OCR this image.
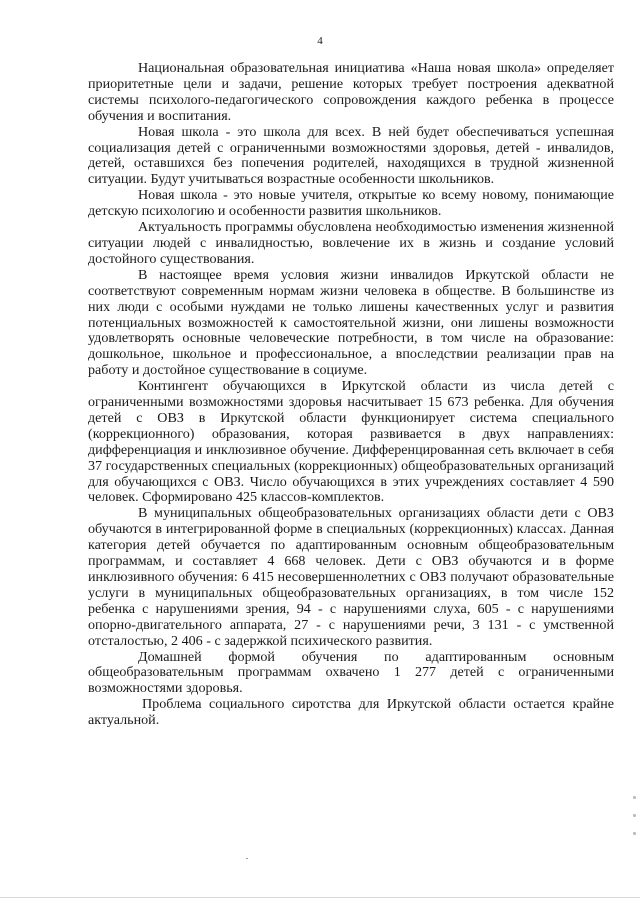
4

Национальная образовательная инициатива «Наша новая школа» определяет приоритетные цели и задачи, решение которых требует построения адекватной системы психолого-педагогического сопровождения каждого ребенка в процессе обучения и воспитания.

Новая школа - это школа для всех. В ней будет обеспечиваться успешная социализация детей с ограниченными возможностями здоровья, детей - инвалидов, детей, оставшихся без попечения родителей, находящихся в трудной жизненной ситуации. Будут учитываться возрастные особенности школьников.

Новая школа - это новые учителя, открытые ко всему новому, понимающие детскую психологию и особенности развития школьников.

Актуальность программы обусловлена необходимостью изменения жизненной ситуации людей с инвалидностью, вовлечение их в жизнь и создание условий достойного существования.

В настоящее время условия жизни инвалидов Иркутской области не соответствуют современным нормам жизни человека в обществе. В большинстве из них люди с особыми нуждами не только лишены качественных услуг и развития потенциальных возможностей к самостоятельной жизни, они лишены возможности удовлетворять основные человеческие потребности, в том числе на образование: дошкольное, школьное и профессиональное, а впоследствии реализации прав на работу и достойное существование в социуме.

Контингент обучающихся в Иркутской области из числа детей с ограниченными возможностями здоровья насчитывает 15 673 ребенка. Для обучения детей с ОВЗ в Иркутской области функционирует система специального (коррекционного) образования, которая развивается в двух направлениях: дифференциация и инклюзивное обучение. Дифференцированная сеть включает в себя 37 государственных специальных (коррекционных) общеобразовательных организаций для обучающихся с ОВЗ. Число обучающихся в этих учреждениях составляет 4 590 человек. Сформировано 425 классов-комплектов.

В муниципальных общеобразовательных организациях области дети с ОВЗ обучаются в интегрированной форме в специальных (коррекционных) классах. Данная категория детей обучается по адаптированным основным общеобразовательным программам, и составляет 4 668 человек. Дети с ОВЗ обучаются и в форме инклюзивного обучения: 6 415 несовершеннолетних с ОВЗ получают образовательные услуги в муниципальных общеобразовательных организациях, в том числе 152 ребенка с нарушениями зрения, 94 - с нарушениями слуха, 605 - с нарушениями опорно-двигательного аппарата, 27 - с нарушениями речи, 3 131 - с умственной отсталостью, 2 406 - с задержкой психического развития.

Домашней формой обучения по адаптированным основным общеобразовательным программам охвачено 1 277 детей с ограниченными возможностями здоровья.

Проблема социального сиротства для Иркутской области остается крайне актуальной.
